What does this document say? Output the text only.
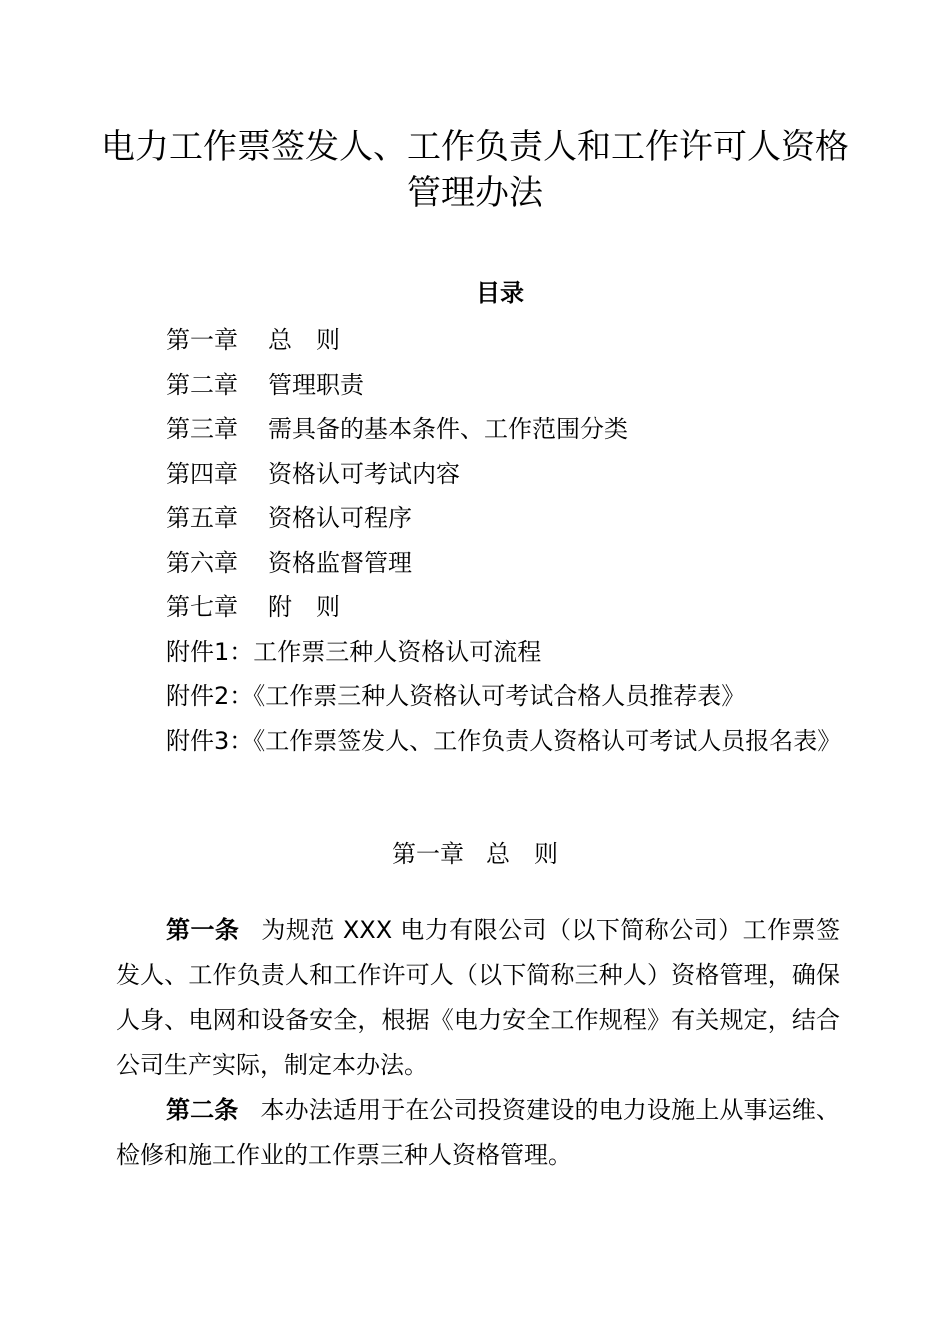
电力工作票签发人、工作负责人和工作许可人资格管理办法
目录
第一章 总　则
第二章 管理职责
第三章 需具备的基本条件、工作范围分类
第四章 资格认可考试内容
第五章 资格认可程序
第六章 资格监督管理
第七章 附　则
附件1：工作票三种人资格认可流程
附件2：《工作票三种人资格认可考试合格人员推荐表》
附件3：《工作票签发人、工作负责人资格认可考试人员报名表》
第一章 总　则

第一条 为规范 XXX 电力有限公司（以下简称公司）工作票签发人、工作负责人和工作许可人（以下简称三种人）资格管理，确保人身、电网和设备安全，根据《电力安全工作规程》有关规定，结合公司生产实际，制定本办法。

第二条 本办法适用于在公司投资建设的电力设施上从事运维、检修和施工作业的工作票三种人资格管理。
